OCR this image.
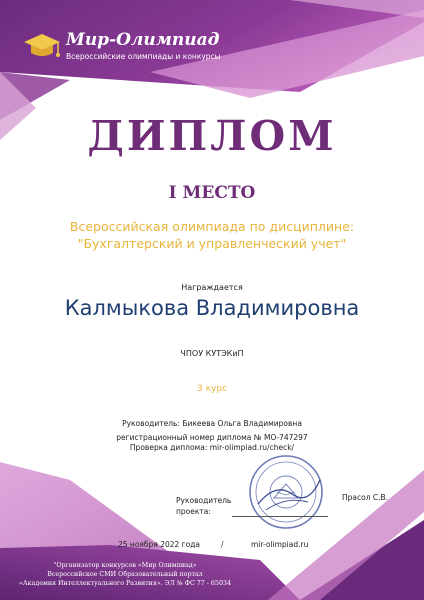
Мир-Олимпиад
Всероссийские олимпиады и конкурсы
ДИПЛОМ
I МЕСТО
Всероссийская олимпиада по дисциплине:
"Бухгалтерский и управленческий учет"
Награждается
Калмыкова Владимировна
ЧПОУ КУТЭКиП
3 курс
Руководитель: Бикеева Ольга Владимировна
регистрационный номер диплома № МО-747297
Проверка диплома: mir-olimpiad.ru/check/
Руководитель
проекта:
Прасол С.В.
25 ноября 2022 года	/	mir-olimpiad.ru
"Организатор конкурсов «Мир Олимпиад»
Всероссийское СМИ Образовательный портал
«Академия Интеллектуального Развития». ЭЛ № ФС 77 - 65034
